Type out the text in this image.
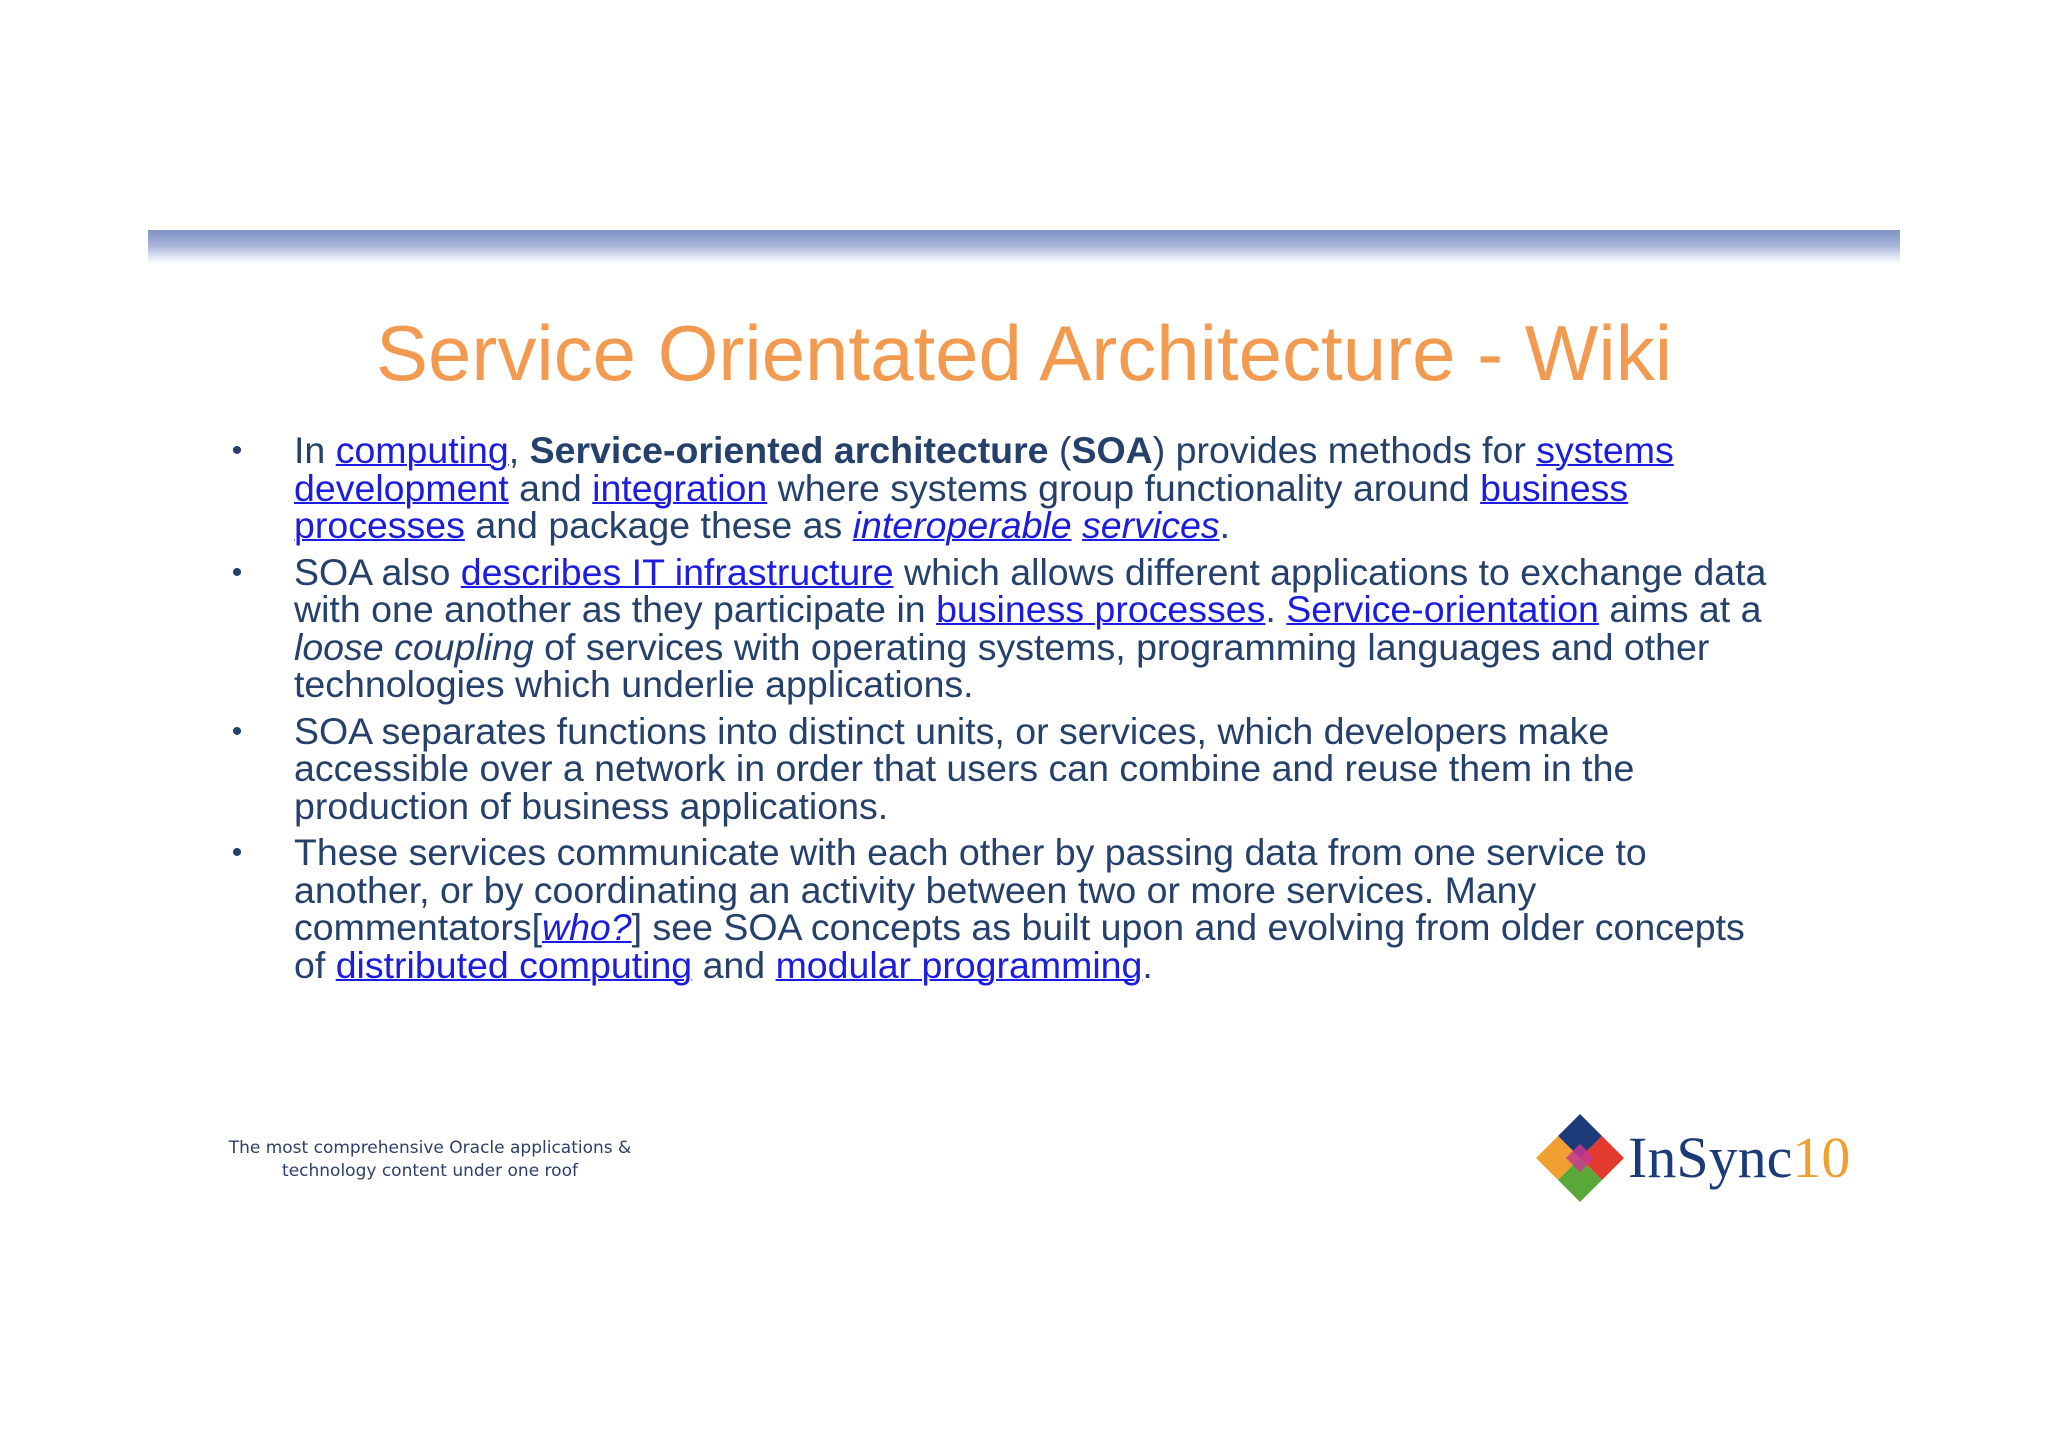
Service Orientated Architecture - Wiki
• In computing, Service-oriented architecture (SOA) provides methods for systems development and integration where systems group functionality around business processes and package these as interoperable services.
• SOA also describes IT infrastructure which allows different applications to exchange data with one another as they participate in business processes. Service-orientation aims at a loose coupling of services with operating systems, programming languages and other technologies which underlie applications.
• SOA separates functions into distinct units, or services, which developers make accessible over a network in order that users can combine and reuse them in the production of business applications.
• These services communicate with each other by passing data from one service to another, or by coordinating an activity between two or more services. Many commentators[who?] see SOA concepts as built upon and evolving from older concepts of distributed computing and modular programming.
The most comprehensive Oracle applications &
technology content under one roof	InSync10
